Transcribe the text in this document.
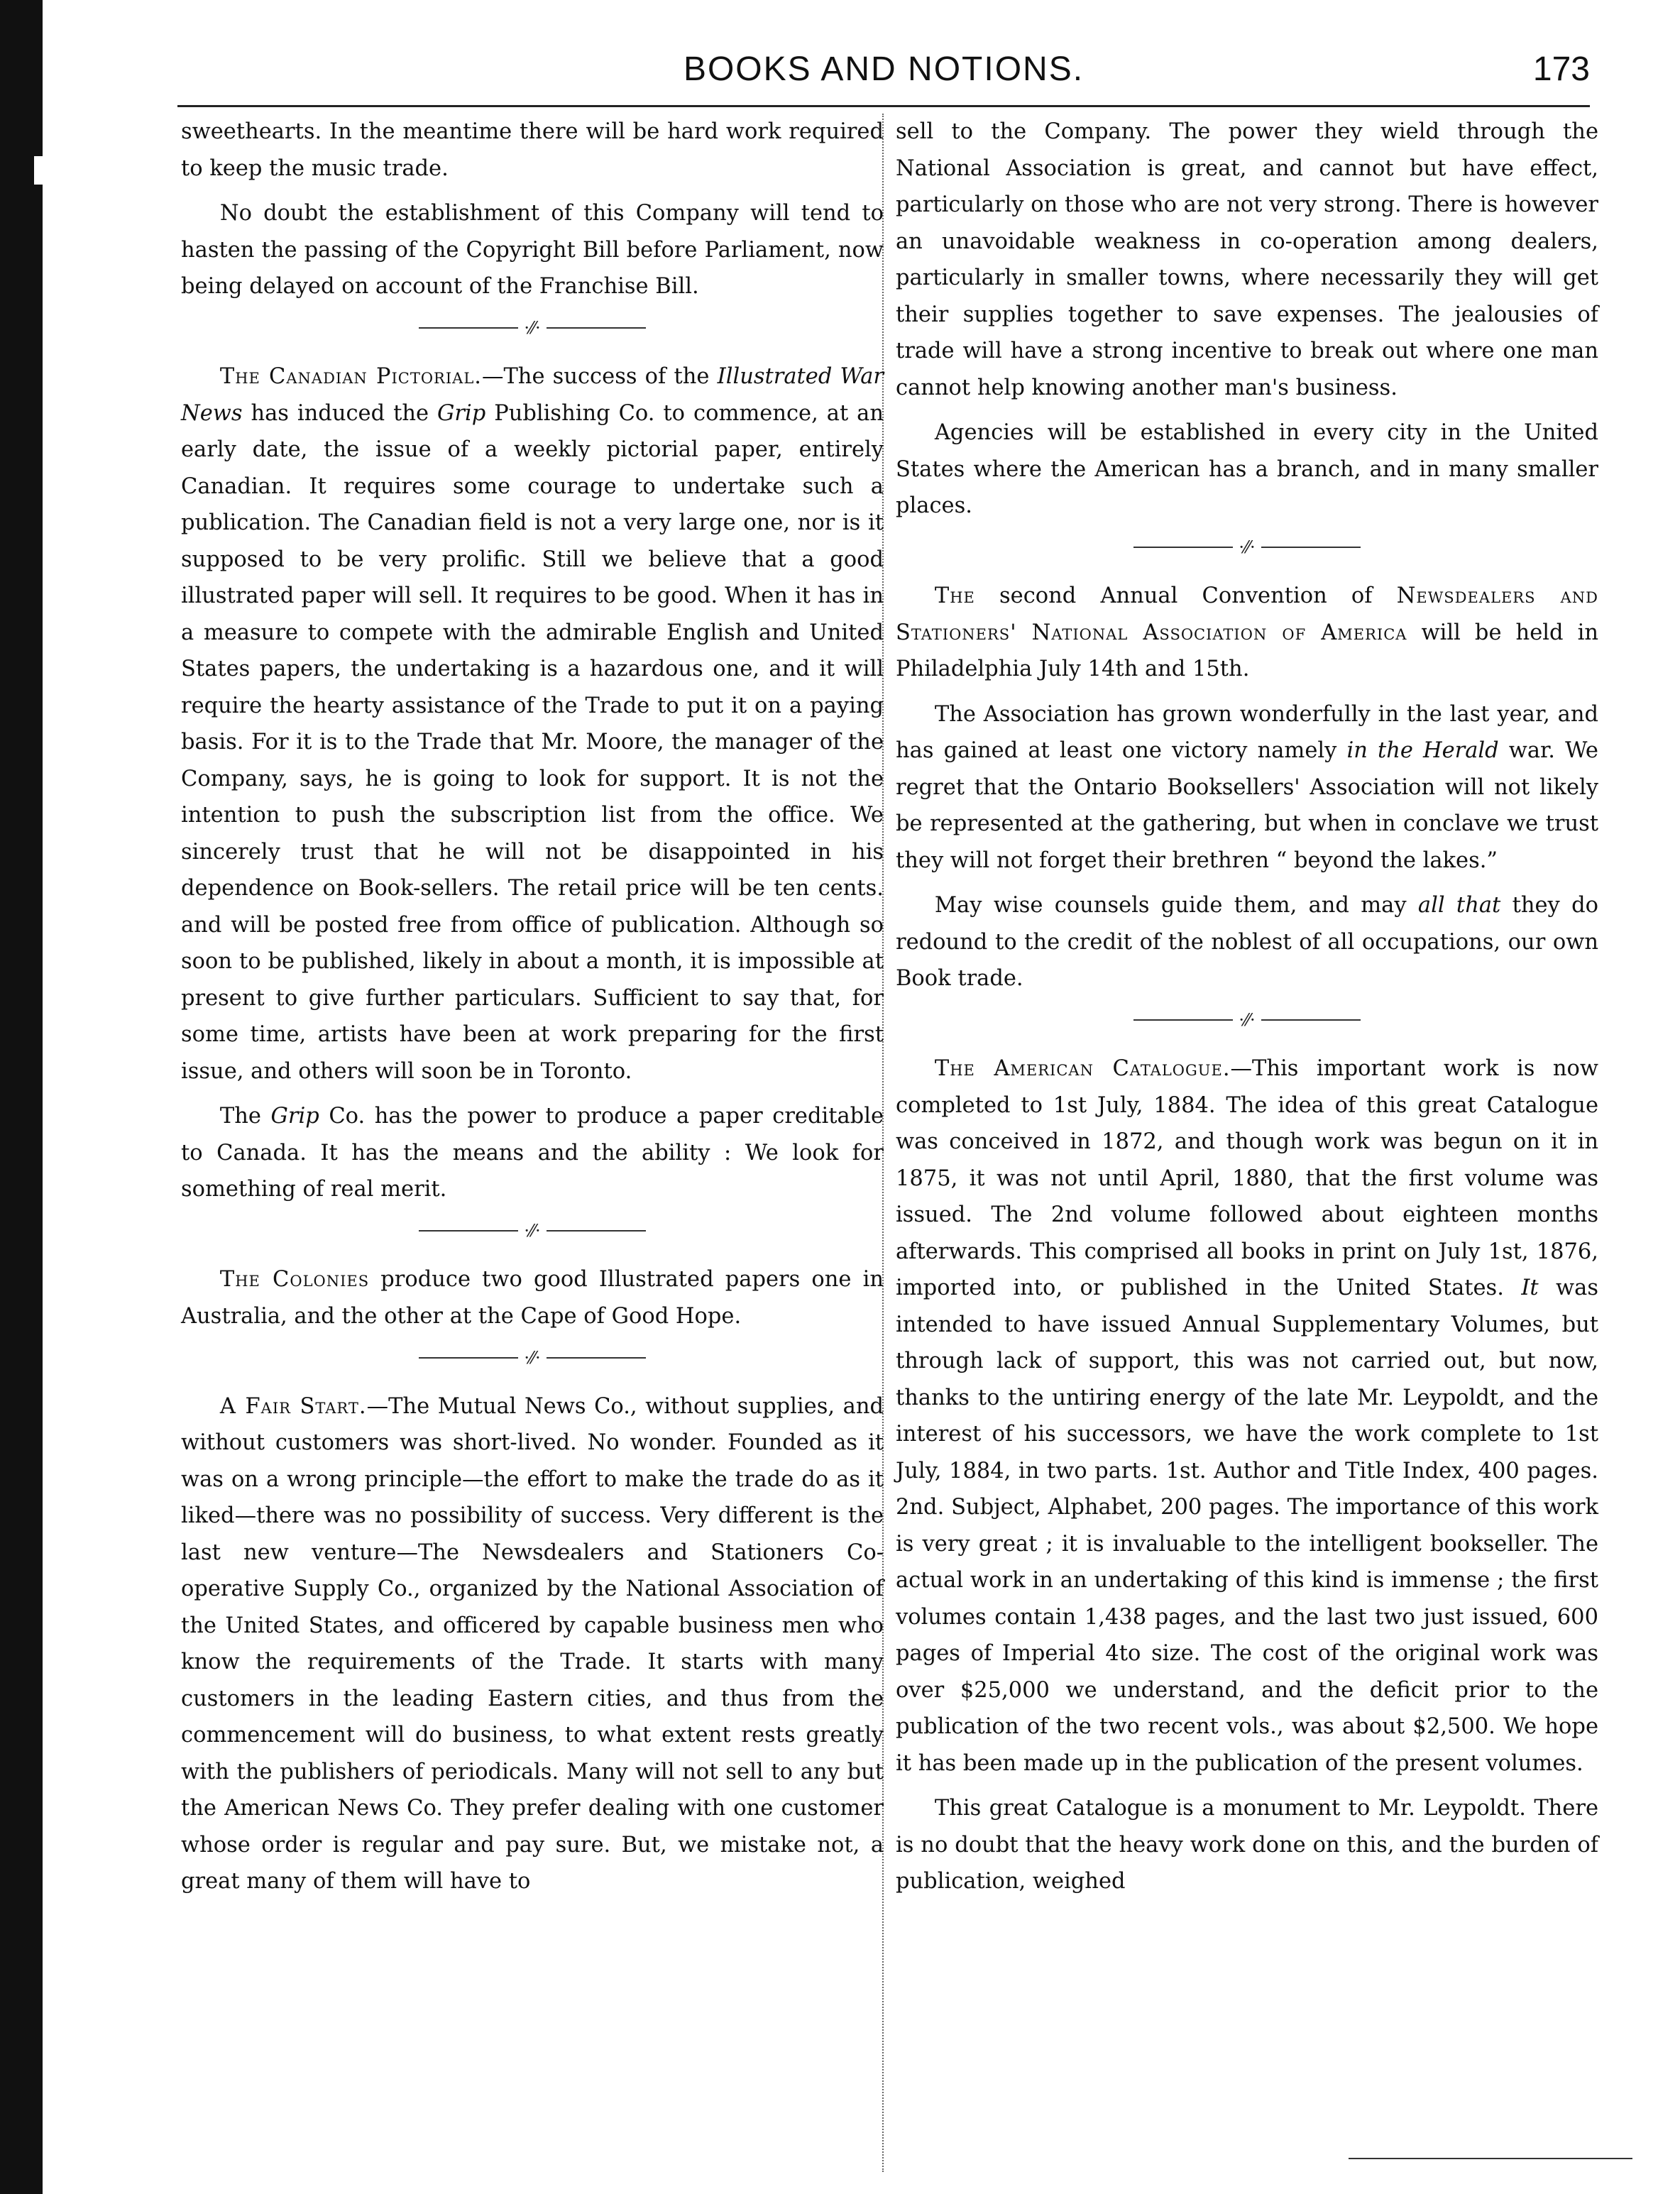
BOOKS AND NOTIONS.	173

sweethearts. In the meantime there will be hard work required to keep the music trade.

No doubt the establishment of this Company will tend to hasten the passing of the Copyright Bill before Parliament, now being delayed on account of the Franchise Bill.

·⁄⁄·

The Canadian Pictorial.—The success of the Illustrated War News has induced the Grip Publishing Co. to commence, at an early date, the issue of a weekly pictorial paper, entirely Canadian. It requires some courage to undertake such a publication. The Canadian field is not a very large one, nor is it supposed to be very prolific. Still we believe that a good illustrated paper will sell. It requires to be good. When it has in a measure to compete with the admirable English and United States papers, the undertaking is a hazardous one, and it will require the hearty assistance of the Trade to put it on a paying basis. For it is to the Trade that Mr. Moore, the manager of the Company, says, he is going to look for support. It is not the intention to push the subscription list from the office. We sincerely trust that he will not be disappointed in his dependence on Book-sellers. The retail price will be ten cents. and will be posted free from office of publication. Although so soon to be published, likely in about a month, it is impossible at present to give further particulars. Sufficient to say that, for some time, artists have been at work preparing for the first issue, and others will soon be in Toronto.

The Grip Co. has the power to produce a paper creditable to Canada. It has the means and the ability : We look for something of real merit.

·⁄⁄·

The Colonies produce two good Illustrated papers one in Australia, and the other at the Cape of Good Hope.

·⁄⁄·

A Fair Start.—The Mutual News Co., without supplies, and without customers was short-lived. No wonder. Founded as it was on a wrong principle—the effort to make the trade do as it liked—there was no possibility of success. Very different is the last new venture—The Newsdealers and Stationers Co-operative Supply Co., organized by the National Association of the United States, and officered by capable business men who know the requirements of the Trade. It starts with many customers in the leading Eastern cities, and thus from the commencement will do business, to what extent rests greatly with the publishers of periodicals. Many will not sell to any but the American News Co. They prefer dealing with one customer whose order is regular and pay sure. But, we mistake not, a great many of them will have to

sell to the Company. The power they wield through the National Association is great, and cannot but have effect, particularly on those who are not very strong. There is however an unavoidable weakness in co-operation among dealers, particularly in smaller towns, where necessarily they will get their supplies together to save expenses. The jealousies of trade will have a strong incentive to break out where one man cannot help knowing another man's business.

Agencies will be established in every city in the United States where the American has a branch, and in many smaller places.

·⁄⁄·

The second Annual Convention of Newsdealers and Stationers' National Association of America will be held in Philadelphia July 14th and 15th.

The Association has grown wonderfully in the last year, and has gained at least one victory namely in the Herald war. We regret that the Ontario Booksellers' Association will not likely be represented at the gathering, but when in conclave we trust they will not forget their brethren “ beyond the lakes.”

May wise counsels guide them, and may all that they do redound to the credit of the noblest of all occupations, our own Book trade.

·⁄⁄·

The American Catalogue.—This important work is now completed to 1st July, 1884. The idea of this great Catalogue was conceived in 1872, and though work was begun on it in 1875, it was not until April, 1880, that the first volume was issued. The 2nd volume followed about eighteen months afterwards. This comprised all books in print on July 1st, 1876, imported into, or published in the United States. It was intended to have issued Annual Supplementary Volumes, but through lack of support, this was not carried out, but now, thanks to the untiring energy of the late Mr. Leypoldt, and the interest of his successors, we have the work complete to 1st July, 1884, in two parts. 1st. Author and Title Index, 400 pages. 2nd. Subject, Alphabet, 200 pages. The importance of this work is very great ; it is invaluable to the intelligent bookseller. The actual work in an undertaking of this kind is immense ; the first volumes contain 1,438 pages, and the last two just issued, 600 pages of Imperial 4to size. The cost of the original work was over $25,000 we understand, and the deficit prior to the publication of the two recent vols., was about $2,500. We hope it has been made up in the publication of the present volumes.

This great Catalogue is a monument to Mr. Leypoldt. There is no doubt that the heavy work done on this, and the burden of publication, weighed
